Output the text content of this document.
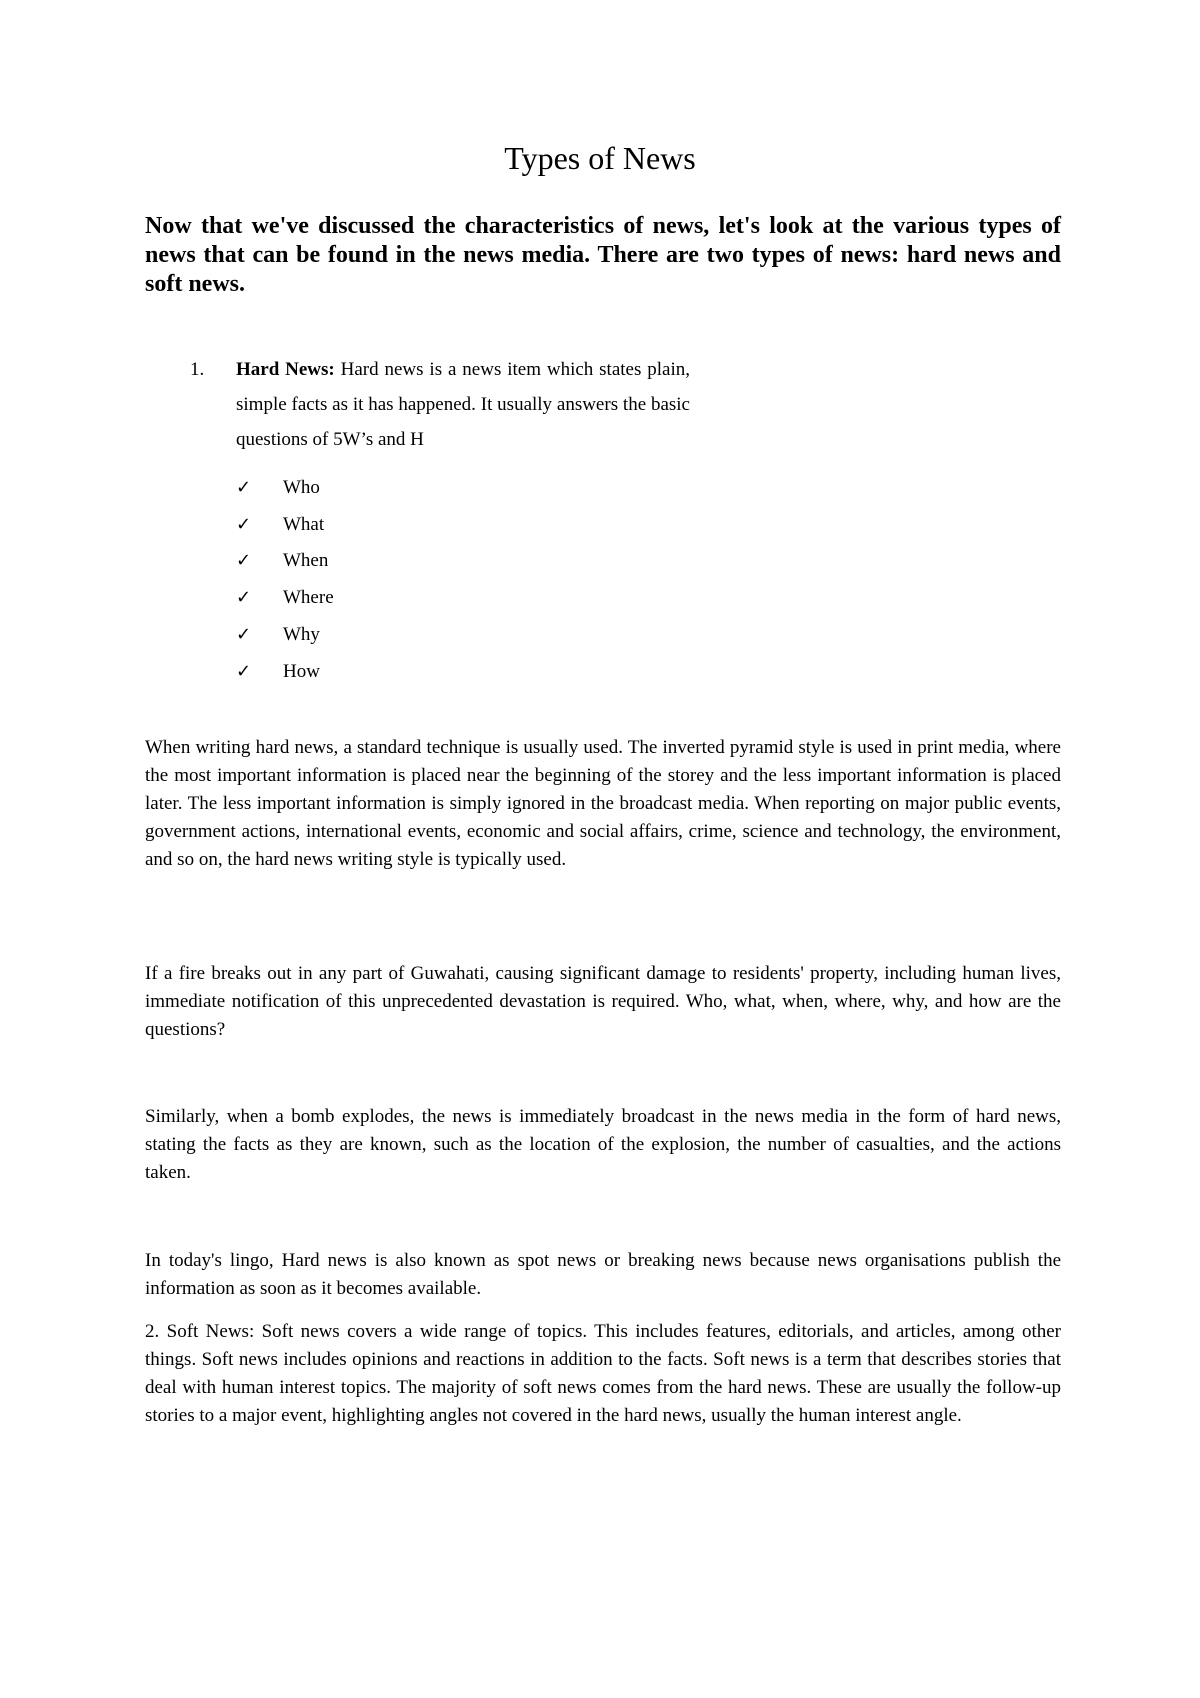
Types of News

Now that we've discussed the characteristics of news, let's look at the various types of news that can be found in the news media. There are two types of news: hard news and soft news.

1. Hard News: Hard news is a news item which states plain, simple facts as it has happened. It usually answers the basic questions of 5W’s and H
✓ Who
✓ What
✓ When
✓ Where
✓ Why
✓ How

When writing hard news, a standard technique is usually used. The inverted pyramid style is used in print media, where the most important information is placed near the beginning of the storey and the less important information is placed later. The less important information is simply ignored in the broadcast media. When reporting on major public events, government actions, international events, economic and social affairs, crime, science and technology, the environment, and so on, the hard news writing style is typically used.

If a fire breaks out in any part of Guwahati, causing significant damage to residents' property, including human lives, immediate notification of this unprecedented devastation is required. Who, what, when, where, why, and how are the questions?

Similarly, when a bomb explodes, the news is immediately broadcast in the news media in the form of hard news, stating the facts as they are known, such as the location of the explosion, the number of casualties, and the actions taken.

In today's lingo, Hard news is also known as spot news or breaking news because news organisations publish the information as soon as it becomes available.

2. Soft News: Soft news covers a wide range of topics. This includes features, editorials, and articles, among other things. Soft news includes opinions and reactions in addition to the facts. Soft news is a term that describes stories that deal with human interest topics. The majority of soft news comes from the hard news. These are usually the follow-up stories to a major event, highlighting angles not covered in the hard news, usually the human interest angle.
